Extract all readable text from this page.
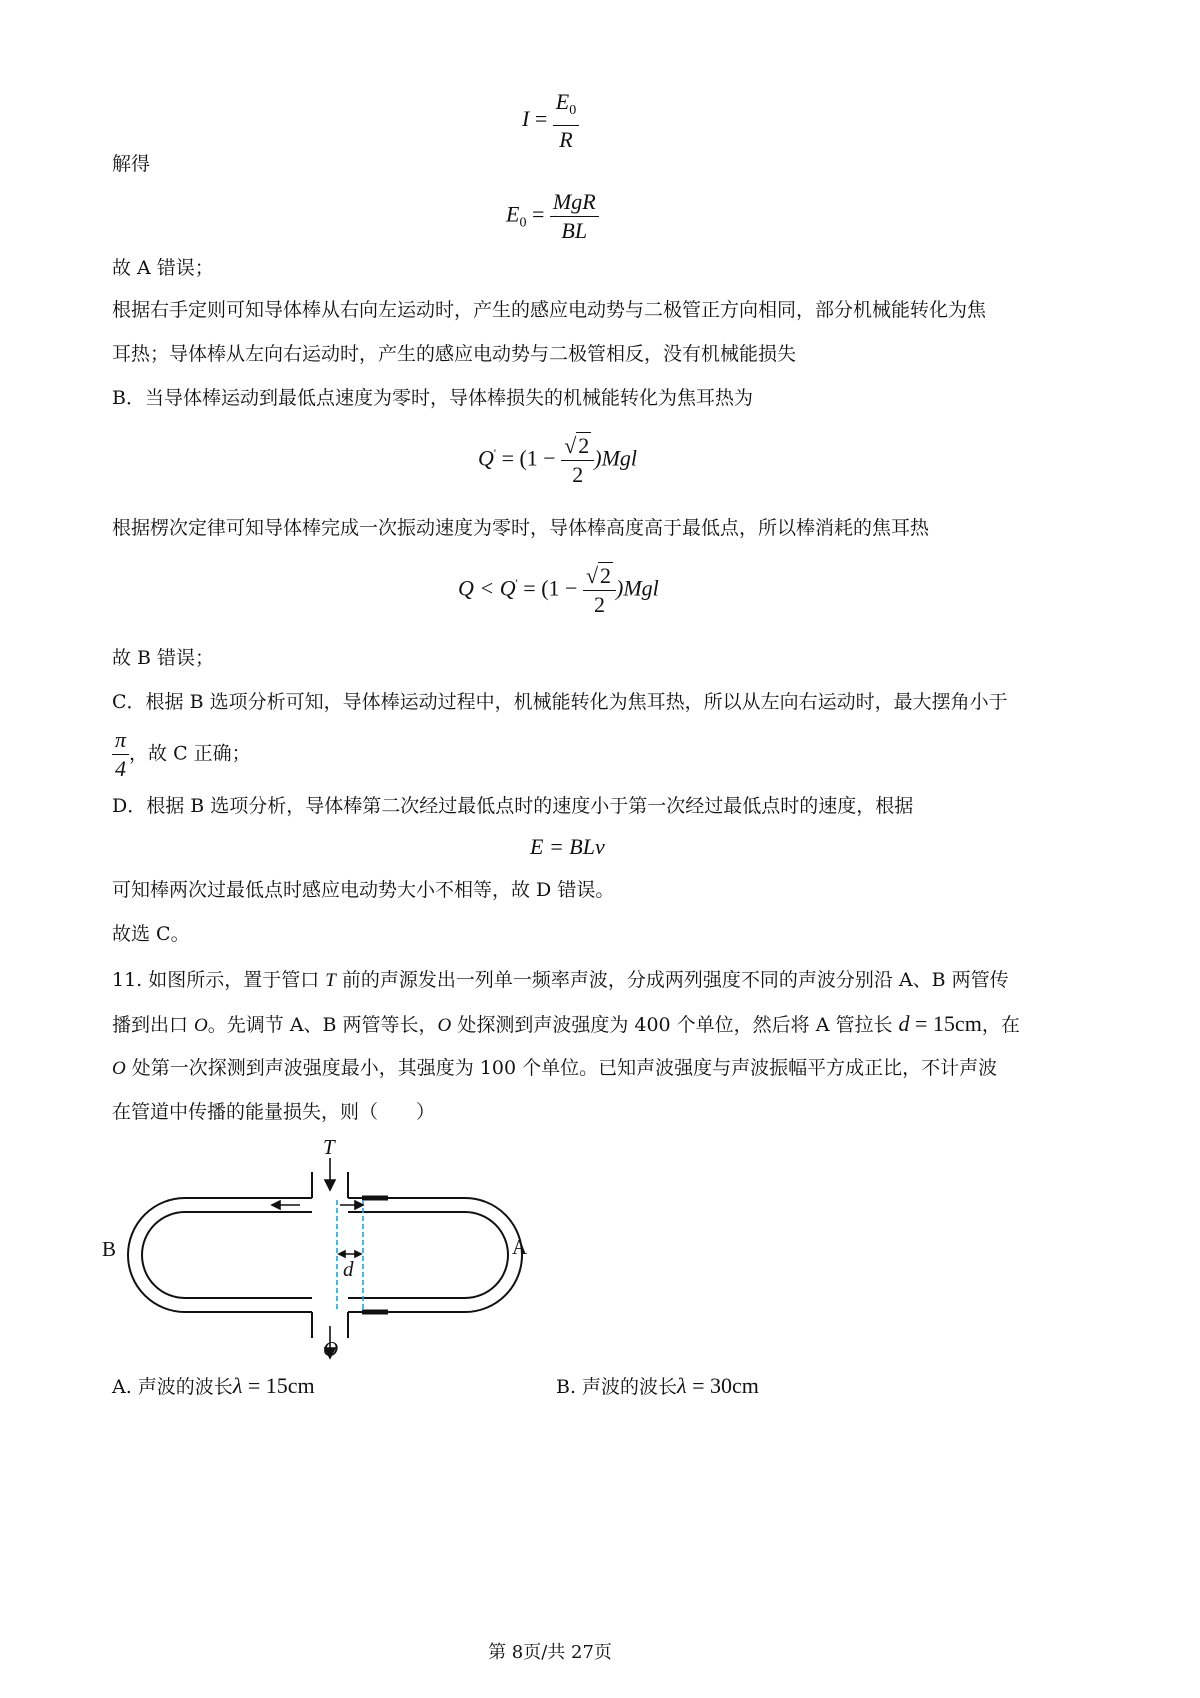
$I = \frac{E_0}{R}$
解得
$E_0 = \frac{\text{MgR}}{BL}$
故 A 错误；
根据右手定则可知导体棒从右向左运动时，产生的感应电动势与二极管正方向相同，部分机械能转化为焦
耳热；导体棒从左向右运动时，产生的感应电动势与二极管相反，没有机械能损失
B．当导体棒运动到最低点速度为零时，导体棒损失的机械能转化为焦耳热为
$Q' = (1 - \frac{√2}{2} )Mgl$
根据楞次定律可知导体棒完成一次振动速度为零时，导体棒高度高于最低点，所以棒消耗的焦耳热
$Q < Q' = (1 - \frac{√2}{2} )Mgl$
故 B 错误；
C．根据 B 选项分析可知，导体棒运动过程中，机械能转化为焦耳热，所以从左向右运动时，最大摆角小于
$\frac{\pi}{4}$ ，故 C 正确；
D．根据 B 选项分析，导体棒第二次经过最低点时的速度小于第一次经过最低点时的速度，根据
E = BLv
可知棒两次过最低点时感应电动势大小不相等，故 D 错误。
故选 C。
11. 如图所示，置于管口 T 前的声源发出一列单一频率声波，分成两列强度不同的声波分别沿 A、B 两管传
播到出口 O。先调节 A、B 两管等长，O 处探测到声波强度为 400 个单位，然后将 A 管拉长 d = 15cm，在
O 处第一次探测到声波强度最小，其强度为 100 个单位。已知声波强度与声波振幅平方成正比，不计声波
在管道中传播的能量损失，则（　　）
T
O
A
B
d
A. 声波的波长λ = 15cm	B. 声波的波长λ = 30cm
第 8页/共 27页
